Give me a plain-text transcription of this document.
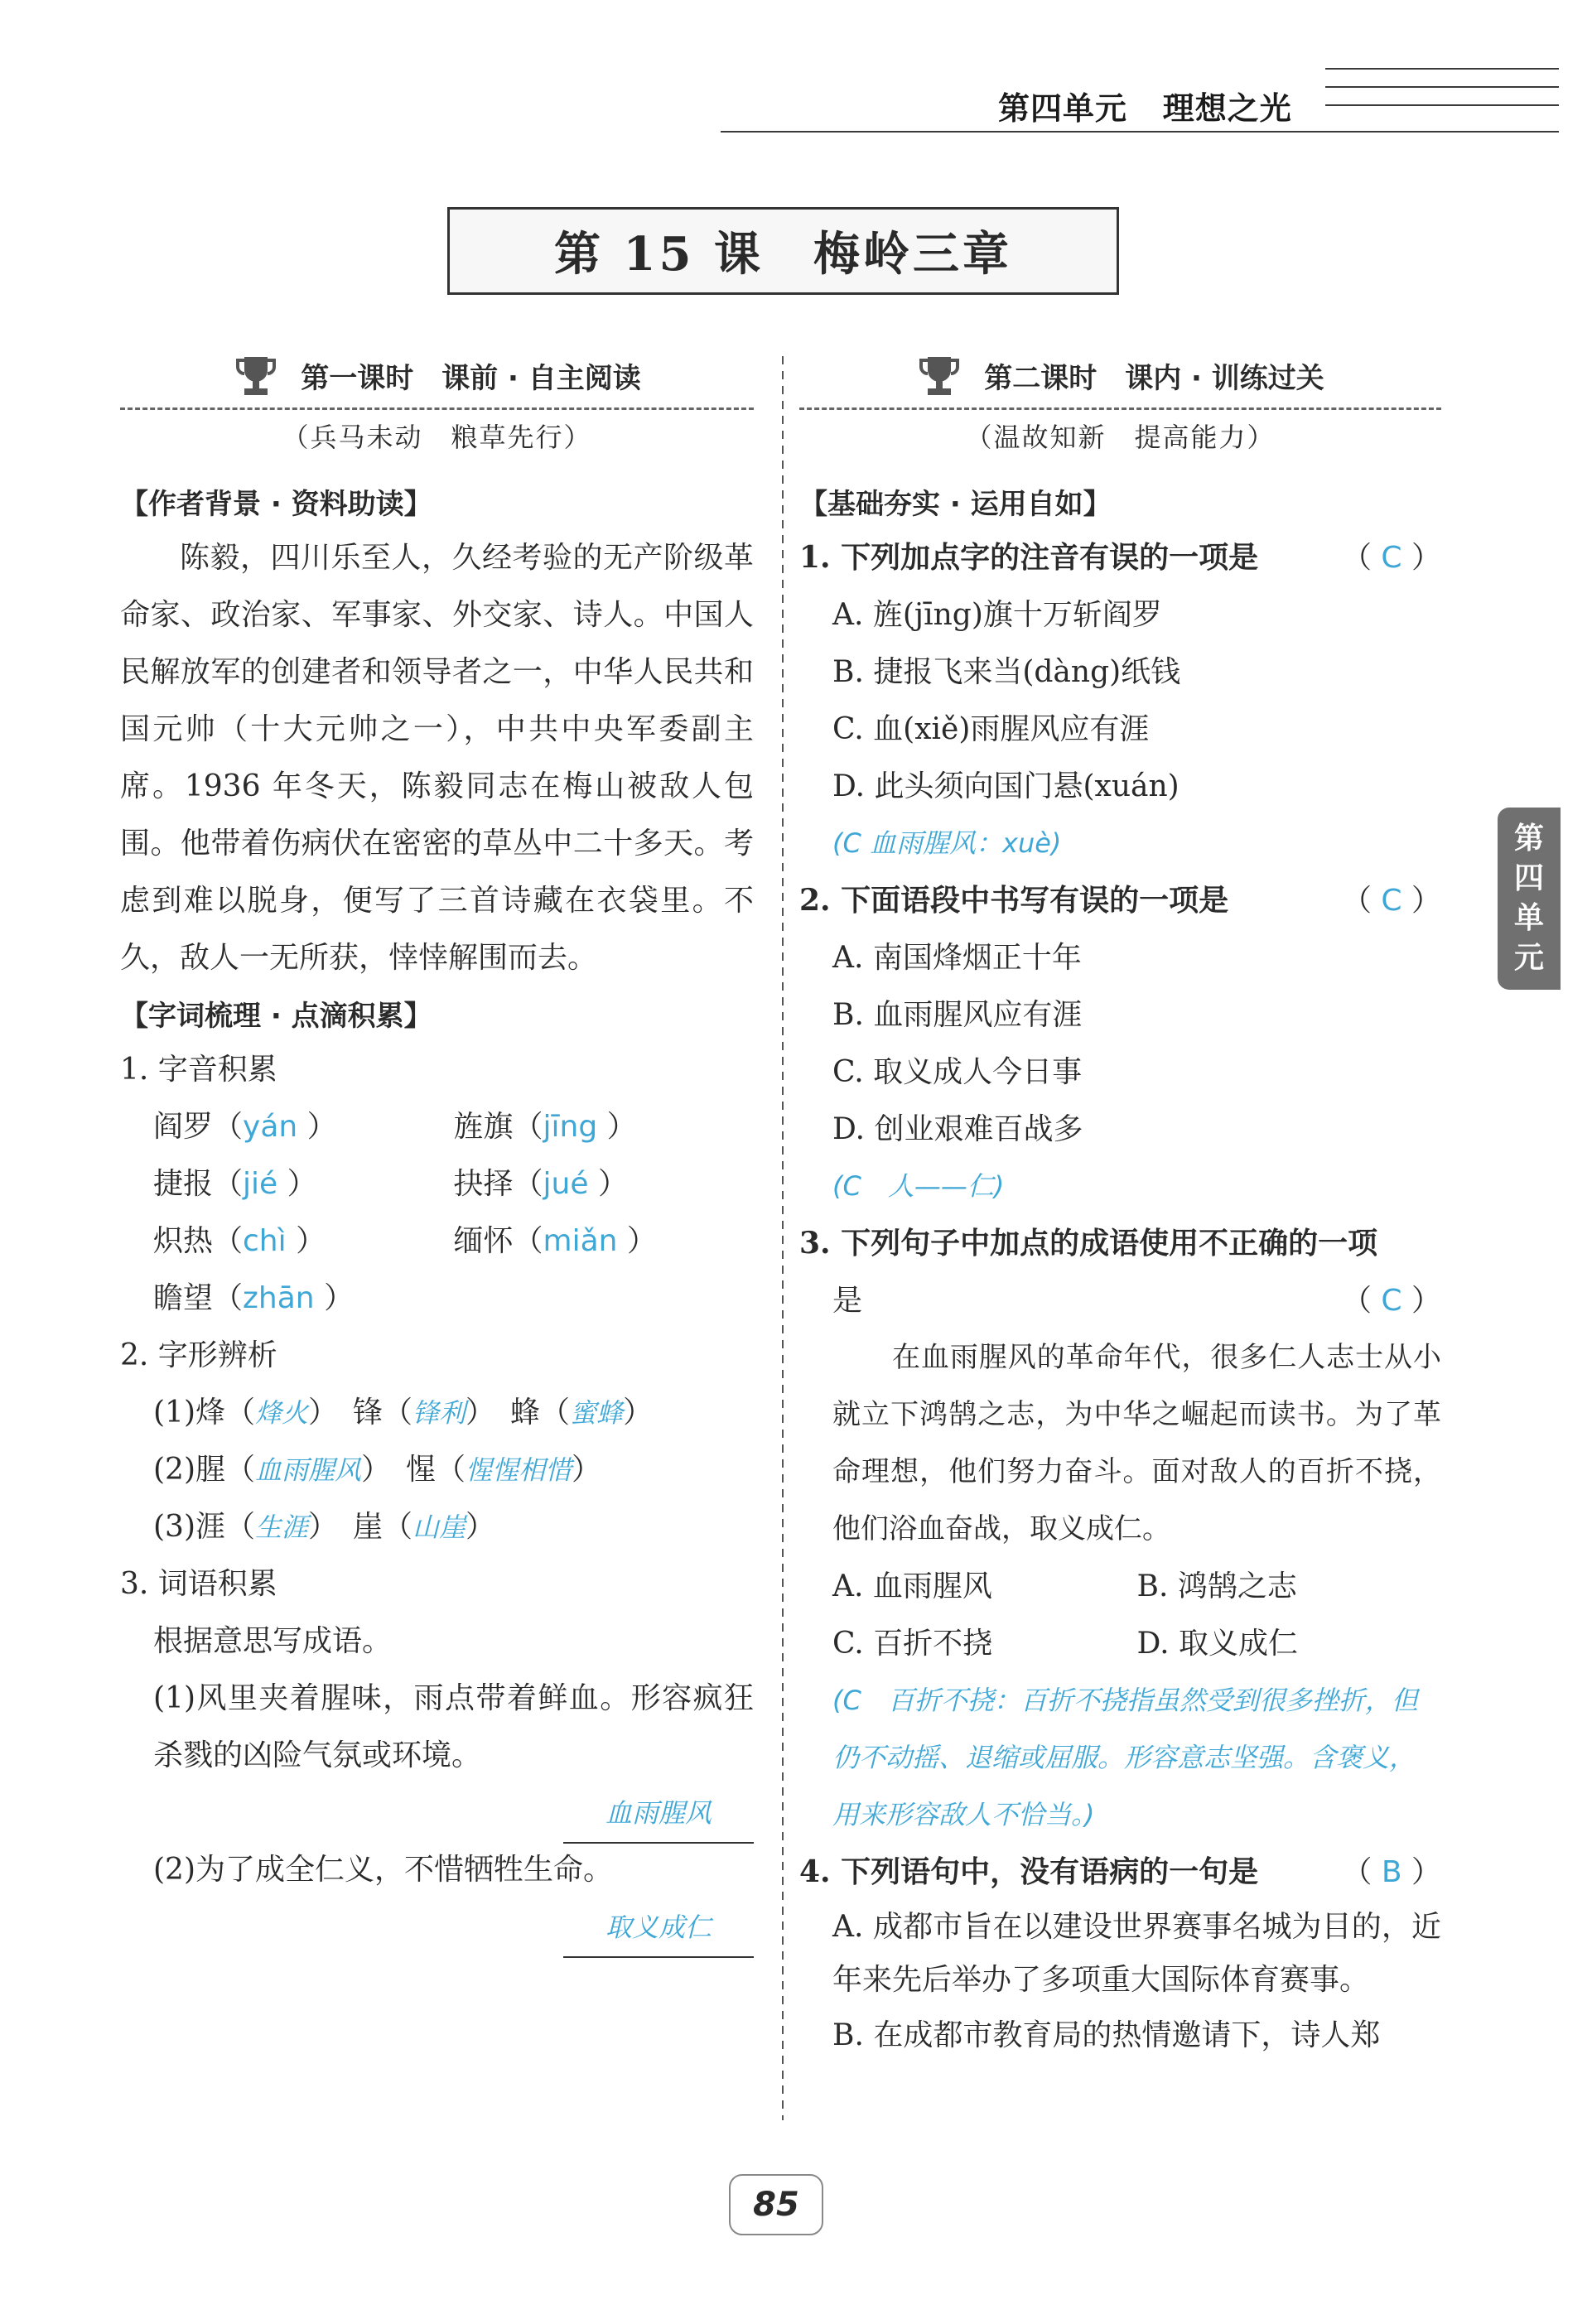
第四单元 理想之光
第 15 课　梅岭三章
第
四
单
元
第一课时　课前 · 自主阅读
（兵马未动　粮草先行）
【作者背景 · 资料助读】
陈毅，四川乐至人，久经考验的无产阶级革命家、政治家、军事家、外交家、诗人。中国人民解放军的创建者和领导者之一，中华人民共和国元帅（十大元帅之一），中共中央军委副主席。1936 年冬天，陈毅同志在梅山被敌人包围。他带着伤病伏在密密的草丛中二十多天。考虑到难以脱身，便写了三首诗藏在衣袋里。不久，敌人一无所获，悻悻解围而去。
【字词梳理 · 点滴积累】
1. 字音积累
阎罗（yán ）	旌旗（jīng ）
捷报（jié ）	抉择（jué ）
炽热（chì ）	缅怀（miǎn ）
瞻望（zhān ）
2. 字形辨析
(1)烽（烽火）　锋（锋利）　蜂（蜜蜂）
(2)腥（血雨腥风）　惺（惺惺相惜）
(3)涯（生涯）　崖（山崖）
3. 词语积累
根据意思写成语。
(1)风里夹着腥味，雨点带着鲜血。形容疯狂杀戮的凶险气氛或环境。
血雨腥风
(2)为了成全仁义，不惜牺牲生命。
取义成仁
第二课时　课内 · 训练过关
（温故知新　提高能力）
【基础夯实 · 运用自如】
1. 下列加点字的注音有误的一项是	（ C ）
A. 旌(jīng)旗十万斩阎罗
B. 捷报飞来当(dàng)纸钱
C. 血(xiě)雨腥风应有涯
D. 此头须向国门悬(xuán)
(C 血雨腥风：xuè)
2. 下面语段中书写有误的一项是	（ C ）
A. 南国烽烟正十年
B. 血雨腥风应有涯
C. 取义成人今日事
D. 创业艰难百战多
(C　人——仁)
3. 下列句子中加点的成语使用不正确的一项
是	（ C ）
在血雨腥风的革命年代，很多仁人志士从小就立下鸿鹄之志，为中华之崛起而读书。为了革命理想，他们努力奋斗。面对敌人的百折不挠，他们浴血奋战，取义成仁。
A. 血雨腥风	B. 鸿鹄之志
C. 百折不挠	D. 取义成仁
(C　百折不挠：百折不挠指虽然受到很多挫折，但仍不动摇、退缩或屈服。形容意志坚强。含褒义，用来形容敌人不恰当。)
4. 下列语句中，没有语病的一句是	（ B ）
A. 成都市旨在以建设世界赛事名城为目的，近年来先后举办了多项重大国际体育赛事。
B. 在成都市教育局的热情邀请下，诗人郑
85
